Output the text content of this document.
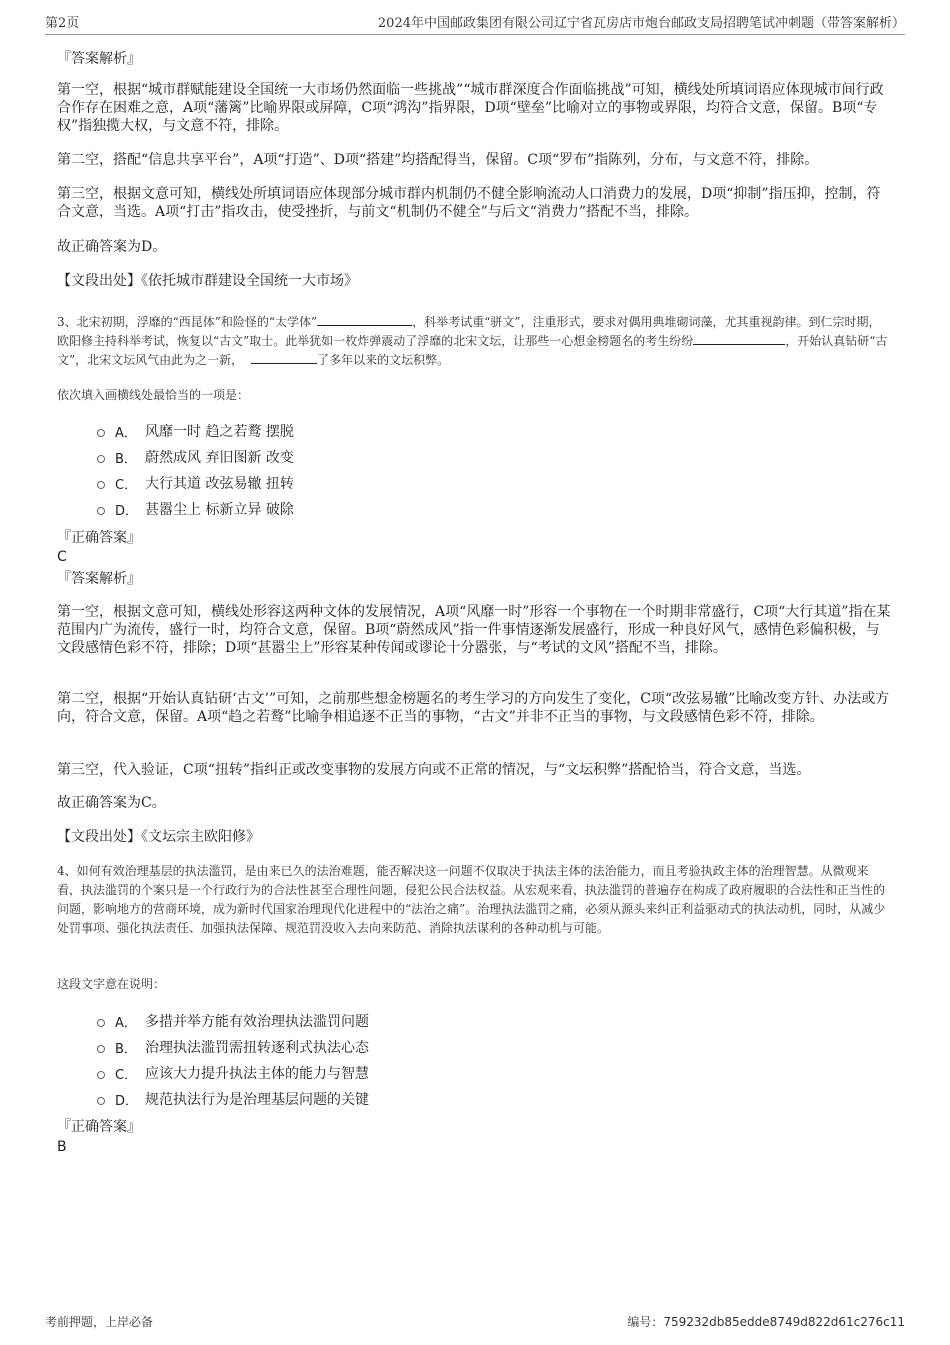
第2页	2024年中国邮政集团有限公司辽宁省瓦房店市炮台邮政支局招聘笔试冲刺题（带答案解析）
『答案解析』

第一空，根据“城市群赋能建设全国统一大市场仍然面临一些挑战”“城市群深度合作面临挑战”可知，横线处所填词语应体现城市间行政合作存在困难之意，A项“藩篱”比喻界限或屏障，C项“鸿沟”指界限，D项“壁垒”比喻对立的事物或界限，均符合文意，保留。B项“专权”指独揽大权，与文意不符，排除。

第二空，搭配“信息共享平台”，A项“打造”、D项“搭建”均搭配得当，保留。C项“罗布”指陈列，分布，与文意不符，排除。

第三空，根据文意可知，横线处所填词语应体现部分城市群内机制仍不健全影响流动人口消费力的发展，D项“抑制”指压抑，控制，符合文意，当选。A项“打击”指攻击，使受挫折，与前文“机制仍不健全”与后文“消费力”搭配不当，排除。

故正确答案为D。

【文段出处】《依托城市群建设全国统一大市场》

3、北宋初期，浮靡的“西昆体”和险怪的“太学体”	，科举考试重“骈文”，注重形式，要求对偶用典堆砌词藻，尤其重视韵律。到仁宗时期，欧阳修主持科举考试，恢复以“古文”取士。此举犹如一枚炸弹震动了浮靡的北宋文坛，让那些一心想金榜题名的考生纷纷	，开始认真钻研“古文”，北宋文坛风气由此为之一新，	了多年以来的文坛积弊。

依次填入画横线处最恰当的一项是：

A． 风靡一时 趋之若鹜 摆脱
B． 蔚然成风 弃旧图新 改变
C． 大行其道 改弦易辙 扭转
D． 甚嚣尘上 标新立异 破除
『正确答案』
C
『答案解析』

第一空，根据文意可知，横线处形容这两种文体的发展情况，A项“风靡一时”形容一个事物在一个时期非常盛行，C项“大行其道”指在某范围内广为流传，盛行一时，均符合文意，保留。B项“蔚然成风”指一件事情逐渐发展盛行，形成一种良好风气，感情色彩偏积极，与文段感情色彩不符，排除；D项“甚嚣尘上”形容某种传闻或谬论十分嚣张，与“考试的文风”搭配不当，排除。

第二空，根据“开始认真钻研‘古文’”可知，之前那些想金榜题名的考生学习的方向发生了变化，C项“改弦易辙”比喻改变方针、办法或方向，符合文意，保留。A项“趋之若鹜”比喻争相追逐不正当的事物，“古文”并非不正当的事物，与文段感情色彩不符，排除。

第三空，代入验证，C项“扭转”指纠正或改变事物的发展方向或不正常的情况，与“文坛积弊”搭配恰当，符合文意，当选。

故正确答案为C。

【文段出处】《文坛宗主欧阳修》

4、如何有效治理基层的执法滥罚，是由来已久的法治难题，能否解决这一问题不仅取决于执法主体的法治能力，而且考验执政主体的治理智慧。从微观来看，执法滥罚的个案只是一个行政行为的合法性甚至合理性问题，侵犯公民合法权益。从宏观来看，执法滥罚的普遍存在构成了政府履职的合法性和正当性的问题，影响地方的营商环境，成为新时代国家治理现代化进程中的“法治之痛”。治理执法滥罚之痛，必须从源头来纠正利益驱动式的执法动机，同时，从减少处罚事项、强化执法责任、加强执法保障、规范罚没收入去向来防范、消除执法谋利的各种动机与可能。

这段文字意在说明：

A． 多措并举方能有效治理执法滥罚问题
B． 治理执法滥罚需扭转逐利式执法心态
C． 应该大力提升执法主体的能力与智慧
D． 规范执法行为是治理基层问题的关键
『正确答案』
B
考前押题，上岸必备	编号：759232db85edde8749d822d61c276c11
